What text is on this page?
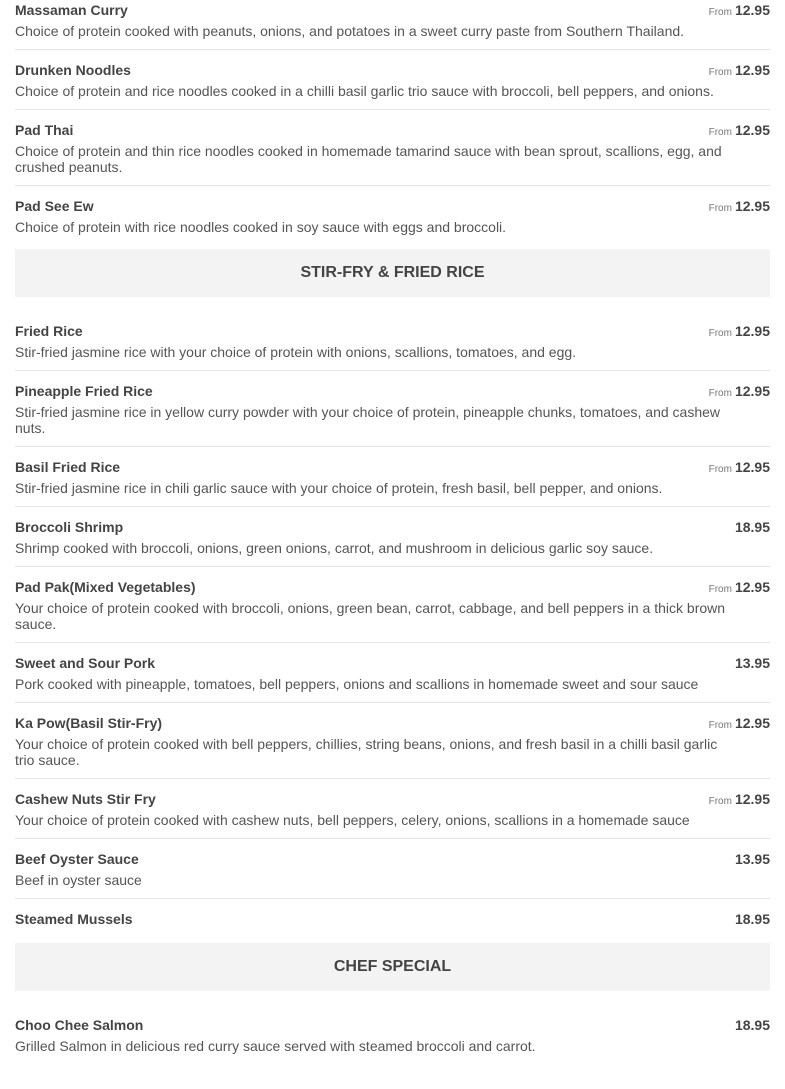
Massaman Curry	From 12.95
Choice of protein cooked with peanuts, onions, and potatoes in a sweet curry paste from Southern Thailand.
Drunken Noodles	From 12.95
Choice of protein and rice noodles cooked in a chilli basil garlic trio sauce with broccoli, bell peppers, and onions.
Pad Thai	From 12.95
Choice of protein and thin rice noodles cooked in homemade tamarind sauce with bean sprout, scallions, egg, and crushed peanuts.
Pad See Ew	From 12.95
Choice of protein with rice noodles cooked in soy sauce with eggs and broccoli.
STIR-FRY & FRIED RICE
Fried Rice	From 12.95
Stir-fried jasmine rice with your choice of protein with onions, scallions, tomatoes, and egg.
Pineapple Fried Rice	From 12.95
Stir-fried jasmine rice in yellow curry powder with your choice of protein, pineapple chunks, tomatoes, and cashew nuts.
Basil Fried Rice	From 12.95
Stir-fried jasmine rice in chili garlic sauce with your choice of protein, fresh basil, bell pepper, and onions.
Broccoli Shrimp	18.95
Shrimp cooked with broccoli, onions, green onions, carrot, and mushroom in delicious garlic soy sauce.
Pad Pak(Mixed Vegetables)	From 12.95
Your choice of protein cooked with broccoli, onions, green bean, carrot, cabbage, and bell peppers in a thick brown sauce.
Sweet and Sour Pork	13.95
Pork cooked with pineapple, tomatoes, bell peppers, onions and scallions in homemade sweet and sour sauce
Ka Pow(Basil Stir-Fry)	From 12.95
Your choice of protein cooked with bell peppers, chillies, string beans, onions, and fresh basil in a chilli basil garlic trio sauce.
Cashew Nuts Stir Fry	From 12.95
Your choice of protein cooked with cashew nuts, bell peppers, celery, onions, scallions in a homemade sauce
Beef Oyster Sauce	13.95
Beef in oyster sauce
Steamed Mussels	18.95
CHEF SPECIAL
Choo Chee Salmon	18.95
Grilled Salmon in delicious red curry sauce served with steamed broccoli and carrot.
